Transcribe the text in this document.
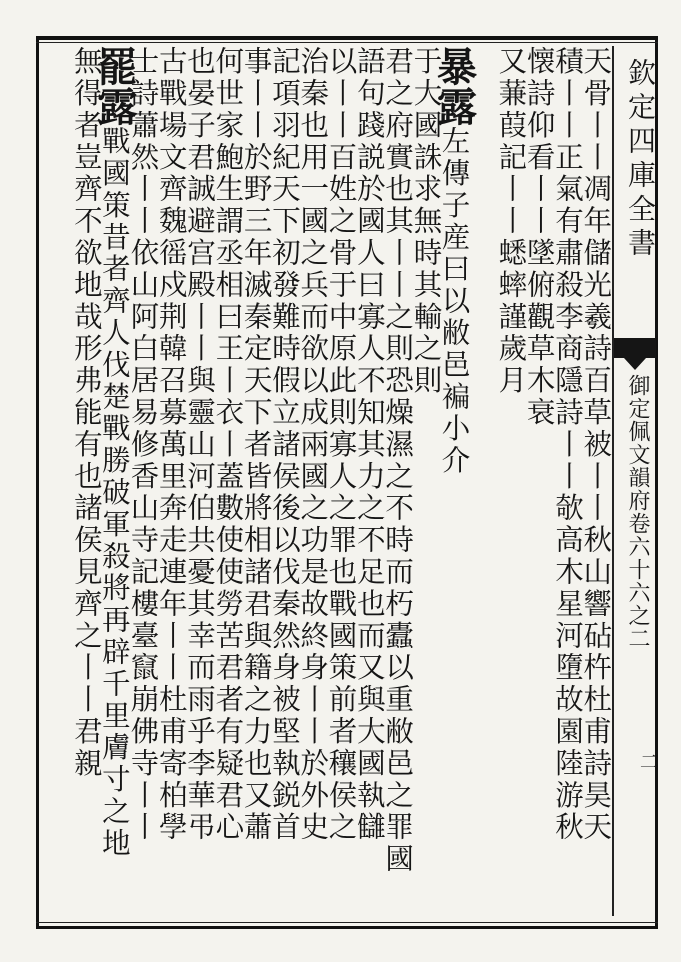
欽定四庫全書
御定佩文韻府卷六十六之二
二
天骨丨丨凋年儲光羲詩百草被丨丨秋山響砧杵杜甫詩昊天
積丨丨正氣有肅殺李商隱詩丨丨欹高木星河墮故園陸游秋
懐詩仰看丨丨墜俯觀草木衰
又蒹葭記丨丨蟋蟀謹歲月
暴露左傳子産曰以敝邑褊小介
于大國誅求無時其輸之則
君之府實也其丨丨之則恐燥濕之不時而朽蠹以重敝邑之罪國
語句踐説於國人曰寡人不知其力之不足也而又與大國執讎
以丨丨百姓之骨于中原此則寡人之罪也戰國策前者穰侯之
治秦也用一國之兵而欲以成兩國之功是故終身丨丨於外史
記項羽紀天下初發難時假立諸侯後以伐秦然身被堅執鋭首
事丨丨於野三年滅秦定天下者皆將相諸君與籍之力也又蕭
何世家鮑生謂丞相曰王丨衣丨蓋數使使勞苦君者有疑君心
也晏子君誠避宫殿丨丨與靈山河伯共憂其幸而雨乎李華弔
古戰場文齊魏徭戍荆韓召募萬里奔走連年丨丨杜甫寄柏學
士詩蕭然丨丨依山阿白居易修香山寺記樓臺竄崩佛寺丨丨
罷露戰國策昔者齊人伐楚戰勝破軍殺將再辟千里膚寸之地
無得者豈齊不欲地哉形弗能有也諸侯見齊之丨丨君親
